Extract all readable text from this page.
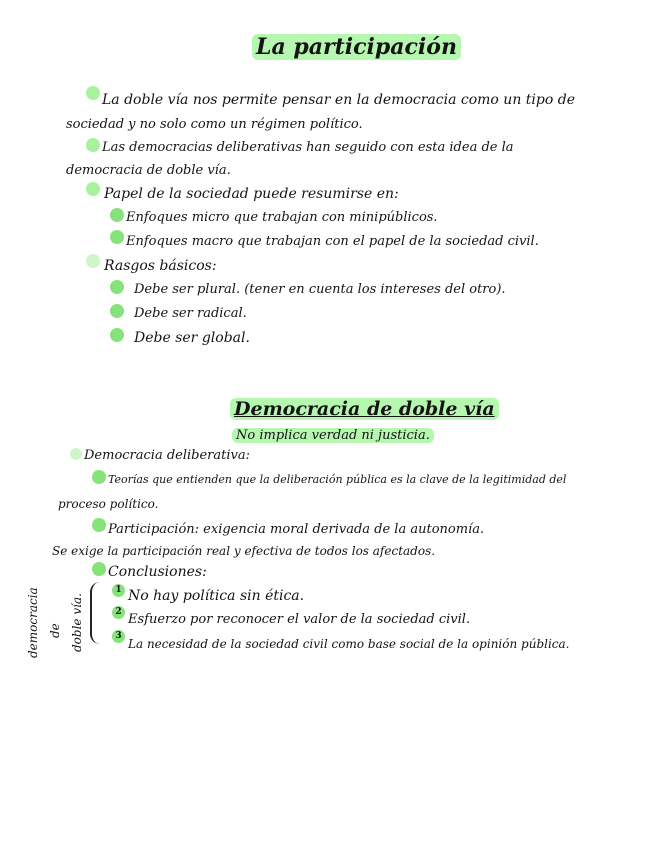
La participación
La doble vía nos permite pensar en la democracia como un tipo de
sociedad y no solo como un régimen político.
Las democracias deliberativas han seguido con esta idea de la
democracia de doble vía.
Papel de la sociedad puede resumirse en:
Enfoques micro que trabajan con minipúblicos.
Enfoques macro que trabajan con el papel de la sociedad civil.
Rasgos básicos:
Debe ser plural. (tener en cuenta los intereses del otro).
Debe ser radical.
Debe ser global.
Democracia de doble vía
No implica verdad ni justicia.
Democracia deliberativa:
Teorías que entienden que la deliberación pública es la clave de la legitimidad del
proceso político.
Participación: exigencia moral derivada de la autonomía.
Se exige la participación real y efectiva de todos los afectados.
Conclusiones:
democracia de doble vía.
1 No hay política sin ética.
2 Esfuerzo por reconocer el valor de la sociedad civil.
3
La necesidad de la sociedad civil como base social de la opinión pública.
